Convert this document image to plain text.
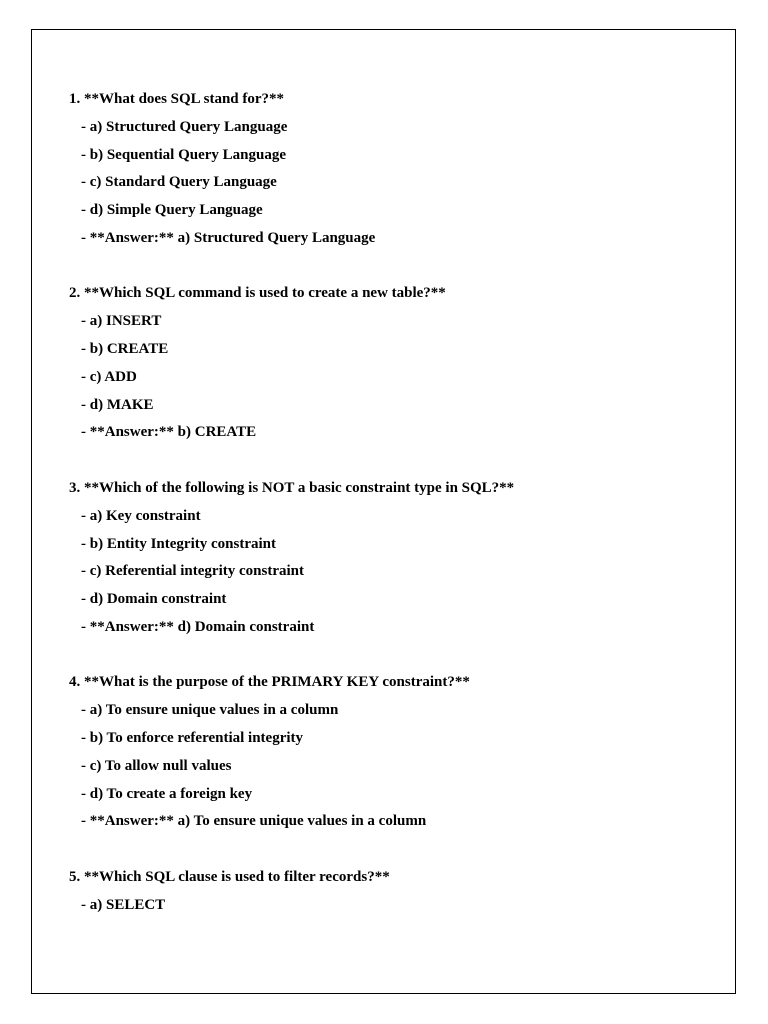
1. **What does SQL stand for?**
- a) Structured Query Language
- b) Sequential Query Language
- c) Standard Query Language
- d) Simple Query Language
- **Answer:** a) Structured Query Language
2. **Which SQL command is used to create a new table?**
- a) INSERT
- b) CREATE
- c) ADD
- d) MAKE
- **Answer:** b) CREATE
3. **Which of the following is NOT a basic constraint type in SQL?**
- a) Key constraint
- b) Entity Integrity constraint
- c) Referential integrity constraint
- d) Domain constraint
- **Answer:** d) Domain constraint
4. **What is the purpose of the PRIMARY KEY constraint?**
- a) To ensure unique values in a column
- b) To enforce referential integrity
- c) To allow null values
- d) To create a foreign key
- **Answer:** a) To ensure unique values in a column
5. **Which SQL clause is used to filter records?**
- a) SELECT
